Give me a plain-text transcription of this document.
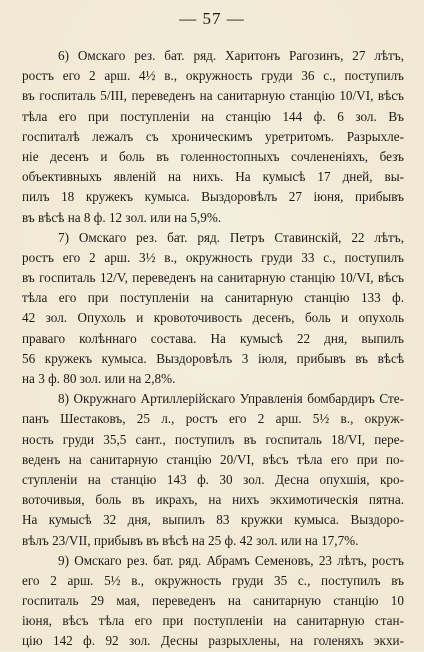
— 57 —
6) Омскаго рез. бат. ряд. Харитонъ Рагозинъ, 27 лѣтъ,
ростъ его 2 арш. 4½ в., окружность груди 36 с., поступилъ
въ госпиталь 5/III, переведенъ на санитарную станцію 10/VI, вѣсъ
тѣла его при поступленіи на станцію 144 ф. 6 зол. Въ
госпиталѣ лежалъ съ хроническимъ уретритомъ. Разрыхле-
ніе десенъ и боль въ голенностопныхъ сочлененіяхъ, безъ
объективныхъ явленій на нихъ. На кумысѣ 17 дней, вы-
пилъ 18 кружекъ кумыса. Выздоровѣлъ 27 іюня, прибывъ
въ вѣсѣ на 8 ф. 12 зол. или на 5,9%.
7) Омскаго рез. бат. ряд. Петръ Ставинскій, 22 лѣтъ,
ростъ его 2 арш. 3½ в., окружность груди 33 с., поступилъ
въ госпиталь 12/V, переведенъ на санитарную станцію 10/VI, вѣсъ
тѣла его при поступленіи на санитарную станцію 133 ф.
42 зол. Опухоль и кровоточивость десенъ, боль и опухоль
праваго колѣннаго состава. На кумысѣ 22 дня, выпилъ
56 кружекъ кумыса. Выздоровѣлъ 3 іюля, прибывъ въ вѣсѣ
на 3 ф. 80 зол. или на 2,8%.
8) Окружнаго Артиллерійскаго Управленія бомбардиръ Сте-
панъ Шестаковъ, 25 л., ростъ его 2 арш. 5½ в., окруж-
ность груди 35,5 сант., поступилъ въ госпиталь 18/VI, пере-
веденъ на санитарную станцію 20/VI, вѣсъ тѣла его при по-
ступленіи на станцію 143 ф. 30 зол. Десна опухшія, кро-
воточивыя, боль въ икрахъ, на нихъ экхимотическія пятна.
На кумысѣ 32 дня, выпилъ 83 кружки кумыса. Выздоро-
вѣлъ 23/VII, прибывъ въ вѣсѣ на 25 ф. 42 зол. или на 17,7%.
9) Омскаго рез. бат. ряд. Абрамъ Семеновъ, 23 лѣтъ, ростъ
его 2 арш. 5½ в., окружность груди 35 с., поступилъ въ
госпиталь 29 мая, переведенъ на санитарную станцію 10
іюня, вѣсъ тѣла его при поступленіи на санитарную стан-
цію 142 ф. 92 зол. Десны разрыхлены, на голеняхъ экхи-
